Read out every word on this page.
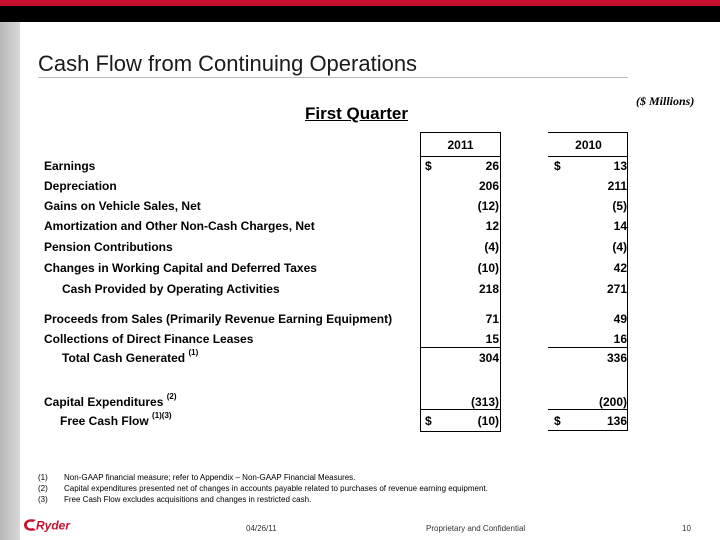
Cash Flow from Continuing Operations
($ Millions)
First Quarter
2011	2010
Earnings	$	26	$	13
Depreciation	206	211
Gains on Vehicle Sales, Net	(12)	(5)
Amortization and Other Non-Cash Charges, Net	12	14
Pension Contributions	(4)	(4)
Changes in Working Capital and Deferred Taxes	(10)	42
Cash Provided by Operating Activities	218	271
Proceeds from Sales (Primarily Revenue Earning Equipment)	71	49
Collections of Direct Finance Leases	15	16
Total Cash Generated $^{(1)}$	304	336
Capital Expenditures $^{(2)}$	(313)	(200)
Free Cash Flow $^{(1)(3)}$	$	(10)	$	136
(1) Non-GAAP financial measure; refer to Appendix – Non-GAAP Financial Measures.
(2) Capital expenditures presented net of changes in accounts payable related to purchases of revenue earning equipment.
(3) Free Cash Flow excludes acquisitions and changes in restricted cash.
Ryder	04/26/11	Proprietary and Confidential	10
